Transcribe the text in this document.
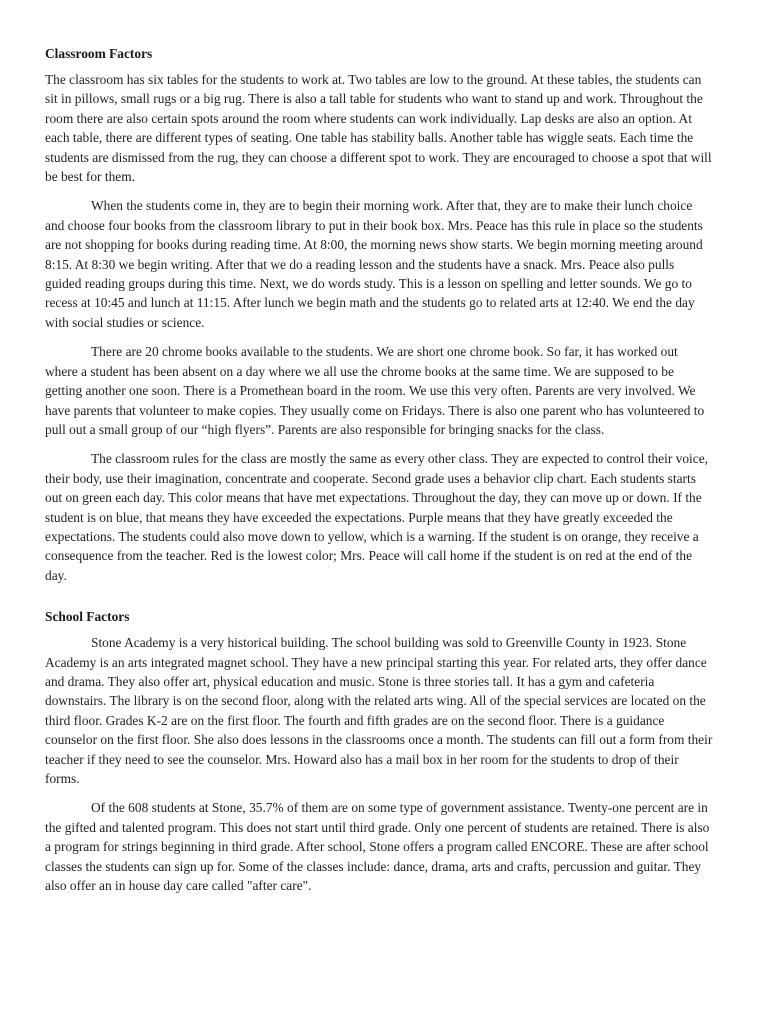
Classroom Factors

The classroom has six tables for the students to work at. Two tables are low to the ground. At these tables, the students can sit in pillows, small rugs or a big rug. There is also a tall table for students who want to stand up and work. Throughout the room there are also certain spots around the room where students can work individually. Lap desks are also an option. At each table, there are different types of seating. One table has stability balls. Another table has wiggle seats. Each time the students are dismissed from the rug, they can choose a different spot to work. They are encouraged to choose a spot that will be best for them.

When the students come in, they are to begin their morning work. After that, they are to make their lunch choice and choose four books from the classroom library to put in their book box. Mrs. Peace has this rule in place so the students are not shopping for books during reading time. At 8:00, the morning news show starts. We begin morning meeting around 8:15. At 8:30 we begin writing. After that we do a reading lesson and the students have a snack. Mrs. Peace also pulls guided reading groups during this time. Next, we do words study. This is a lesson on spelling and letter sounds. We go to recess at 10:45 and lunch at 11:15. After lunch we begin math and the students go to related arts at 12:40. We end the day with social studies or science.

There are 20 chrome books available to the students. We are short one chrome book. So far, it has worked out where a student has been absent on a day where we all use the chrome books at the same time. We are supposed to be getting another one soon. There is a Promethean board in the room. We use this very often. Parents are very involved. We have parents that volunteer to make copies. They usually come on Fridays. There is also one parent who has volunteered to pull out a small group of our “high flyers”. Parents are also responsible for bringing snacks for the class.

The classroom rules for the class are mostly the same as every other class. They are expected to control their voice, their body, use their imagination, concentrate and cooperate. Second grade uses a behavior clip chart. Each students starts out on green each day. This color means that have met expectations. Throughout the day, they can move up or down. If the student is on blue, that means they have exceeded the expectations. Purple means that they have greatly exceeded the expectations. The students could also move down to yellow, which is a warning. If the student is on orange, they receive a consequence from the teacher. Red is the lowest color; Mrs. Peace will call home if the student is on red at the end of the day.

School Factors

Stone Academy is a very historical building. The school building was sold to Greenville County in 1923. Stone Academy is an arts integrated magnet school. They have a new principal starting this year. For related arts, they offer dance and drama. They also offer art, physical education and music. Stone is three stories tall. It has a gym and cafeteria downstairs. The library is on the second floor, along with the related arts wing. All of the special services are located on the third floor. Grades K-2 are on the first floor. The fourth and fifth grades are on the second floor. There is a guidance counselor on the first floor. She also does lessons in the classrooms once a month. The students can fill out a form from their teacher if they need to see the counselor. Mrs. Howard also has a mail box in her room for the students to drop of their forms.

Of the 608 students at Stone, 35.7% of them are on some type of government assistance. Twenty-one percent are in the gifted and talented program. This does not start until third grade. Only one percent of students are retained. There is also a program for strings beginning in third grade. After school, Stone offers a program called ENCORE. These are after school classes the students can sign up for. Some of the classes include: dance, drama, arts and crafts, percussion and guitar. They also offer an in house day care called "after care".
